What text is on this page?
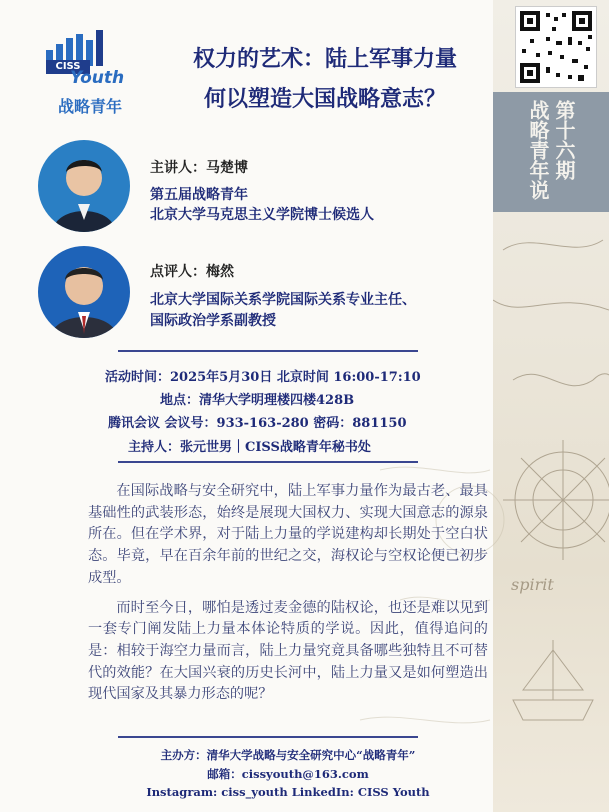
spirit
第十六期
战略青年说
CISS
Youth
战略青年
权力的艺术：陆上军事力量
何以塑造大国战略意志？
主讲人：马楚博
第五届战略青年
北京大学马克思主义学院博士候选人
点评人：梅然
北京大学国际关系学院国际关系专业主任、
国际政治学系副教授
活动时间：2025年5月30日 北京时间 16:00-17:10
地点：清华大学明理楼四楼428B
腾讯会议 会议号：933-163-280 密码：881150
主持人：张元世男｜CISS战略青年秘书处

在国际战略与安全研究中，陆上军事力量作为最古老、最具基础性的武装形态，始终是展现大国权力、实现大国意志的源泉所在。但在学术界，对于陆上力量的学说建构却长期处于空白状态。毕竟，早在百余年前的世纪之交，海权论与空权论便已初步成型。

而时至今日，哪怕是透过麦金德的陆权论，也还是难以见到一套专门阐发陆上力量本体论特质的学说。因此，值得追问的是：相较于海空力量而言，陆上力量究竟具备哪些独特且不可替代的效能？在大国兴衰的历史长河中，陆上力量又是如何塑造出现代国家及其暴力形态的呢？

主办方：清华大学战略与安全研究中心“战略青年”
邮箱：cissyouth@163.com
Instagram: ciss_youth LinkedIn: CISS Youth
